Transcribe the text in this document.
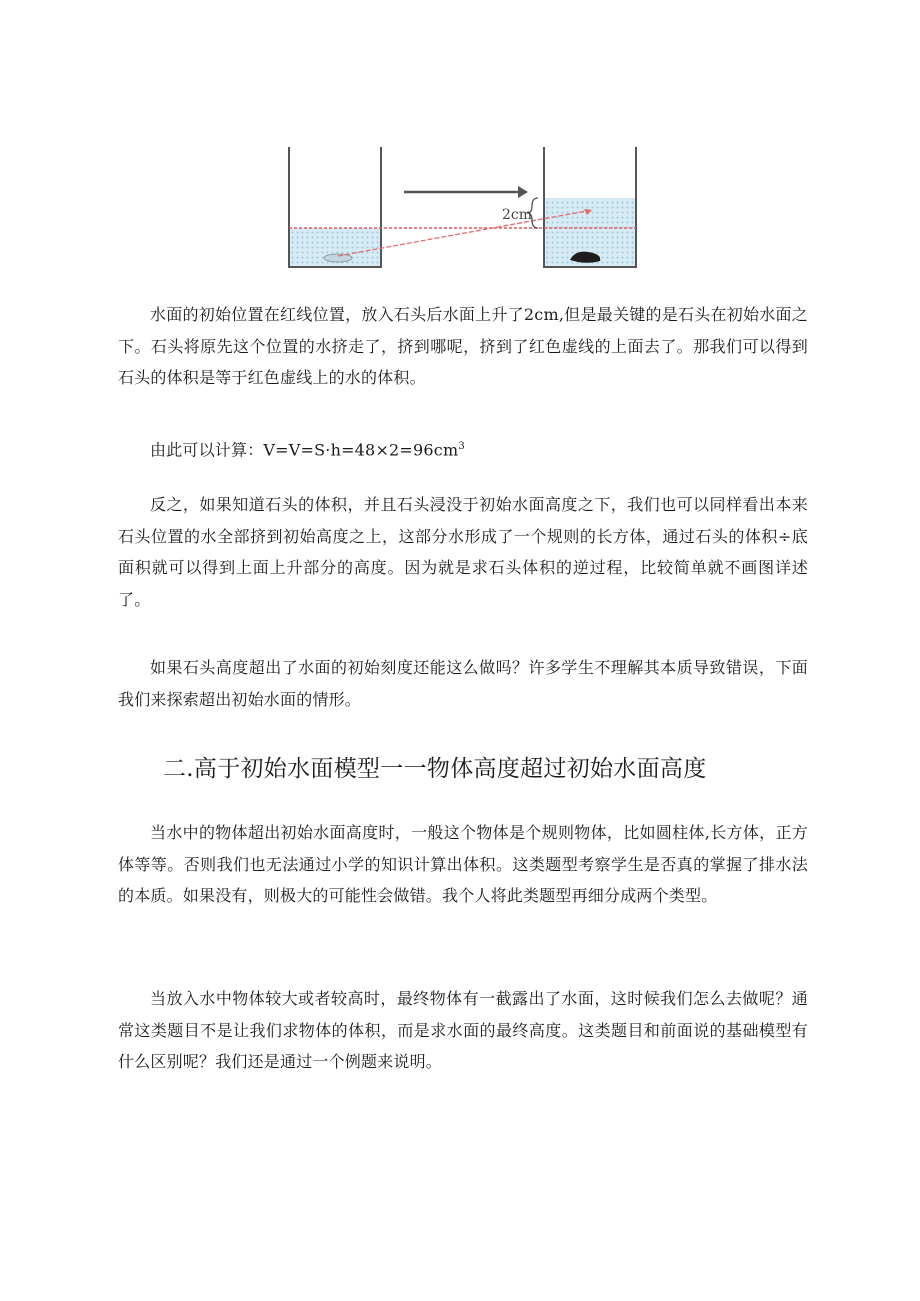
2cm

水面的初始位置在红线位置，放入石头后水面上升了2cm,但是最关键的是石头在初始水面之下。石头将原先这个位置的水挤走了，挤到哪呢，挤到了红色虚线的上面去了。那我们可以得到石头的体积是等于红色虚线上的水的体积。

由此可以计算：$V=V=S\cdot h=48\times 2=96cm^3$

反之，如果知道石头的体积，并且石头浸没于初始水面高度之下，我们也可以同样看出本来石头位置的水全部挤到初始高度之上，这部分水形成了一个规则的长方体，通过石头的体积÷底面积就可以得到上面上升部分的高度。因为就是求石头体积的逆过程，比较简单就不画图详述了。

如果石头高度超出了水面的初始刻度还能这么做吗？许多学生不理解其本质导致错误，下面我们来探索超出初始水面的情形。

二.高于初始水面模型一一物体高度超过初始水面高度

当水中的物体超出初始水面高度时，一般这个物体是个规则物体，比如圆柱体,长方体，正方体等等。否则我们也无法通过小学的知识计算出体积。这类题型考察学生是否真的掌握了排水法的本质。如果没有，则极大的可能性会做错。我个人将此类题型再细分成两个类型。

当放入水中物体较大或者较高时，最终物体有一截露出了水面，这时候我们怎么去做呢？通常这类题目不是让我们求物体的体积，而是求水面的最终高度。这类题目和前面说的基础模型有什么区别呢？我们还是通过一个例题来说明。
